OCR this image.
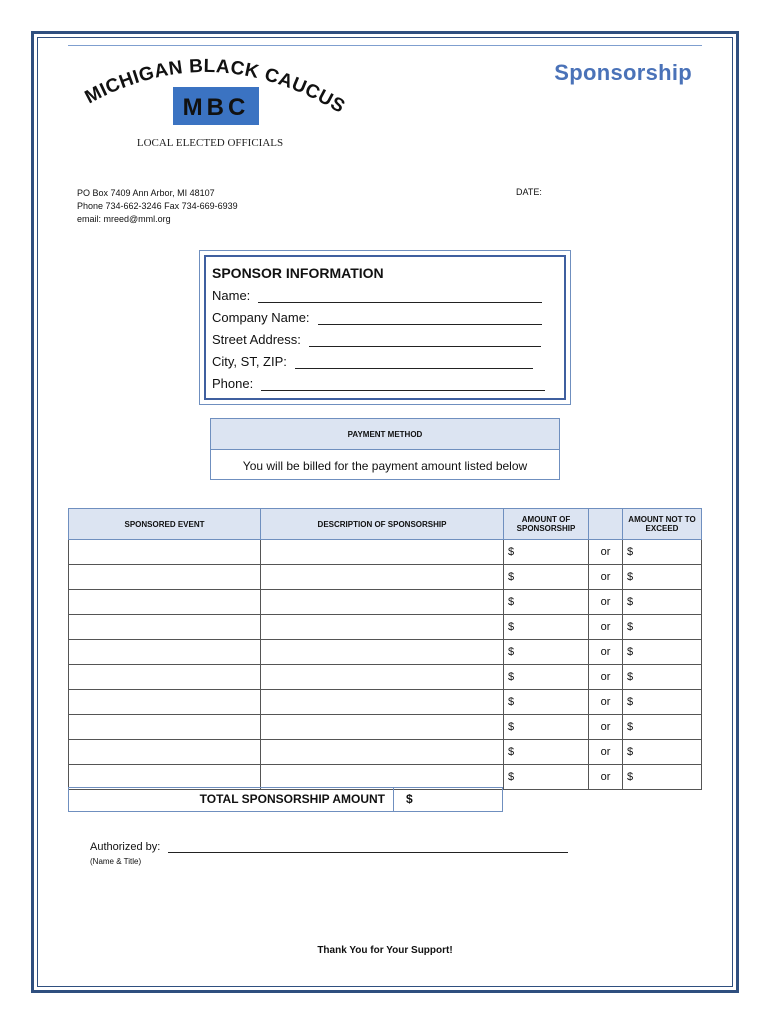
MICHIGAN BLACK CAUCUS
MBC
LOCAL ELECTED OFFICIALS
Sponsorship
PO Box 7409 Ann Arbor, MI 48107
Phone 734-662-3246 Fax 734-669-6939
email: mreed@mml.org
DATE:
SPONSOR INFORMATION
Name:
Company Name:
Street Address:
City, ST, ZIP:
Phone:
PAYMENT METHOD
You will be billed for the payment amount listed below
SPONSORED EVENT	DESCRIPTION OF SPONSORSHIP	AMOUNT OF SPONSORSHIP		AMOUNT NOT TO EXCEED
		$	or	$
		$	or	$
		$	or	$
		$	or	$
		$	or	$
		$	or	$
		$	or	$
		$	or	$
		$	or	$
		$	or	$
TOTAL SPONSORSHIP AMOUNT	$
Authorized by:
(Name & Title)
Thank You for Your Support!
